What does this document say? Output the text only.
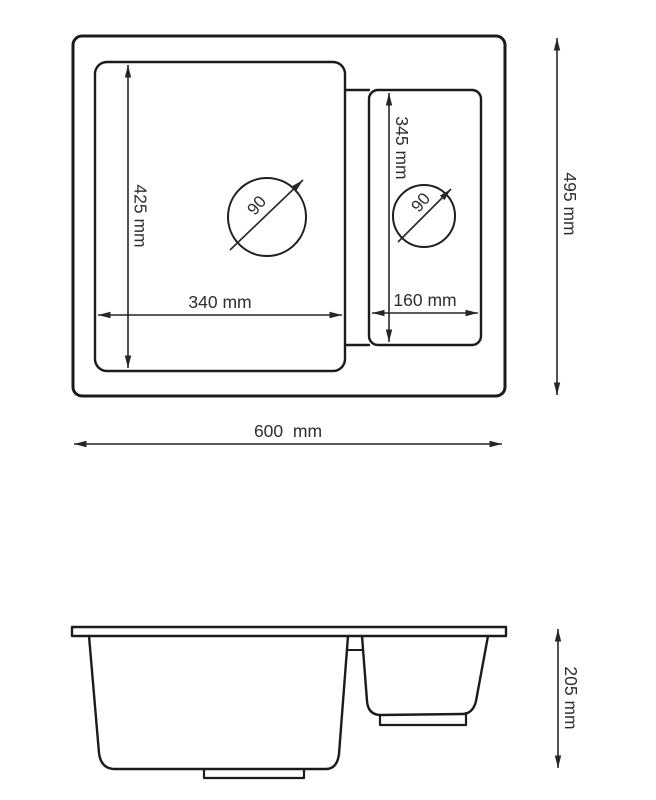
90	90
425 mm
340 mm
345 mm
160 mm
495 mm
600  mm
205 mm
